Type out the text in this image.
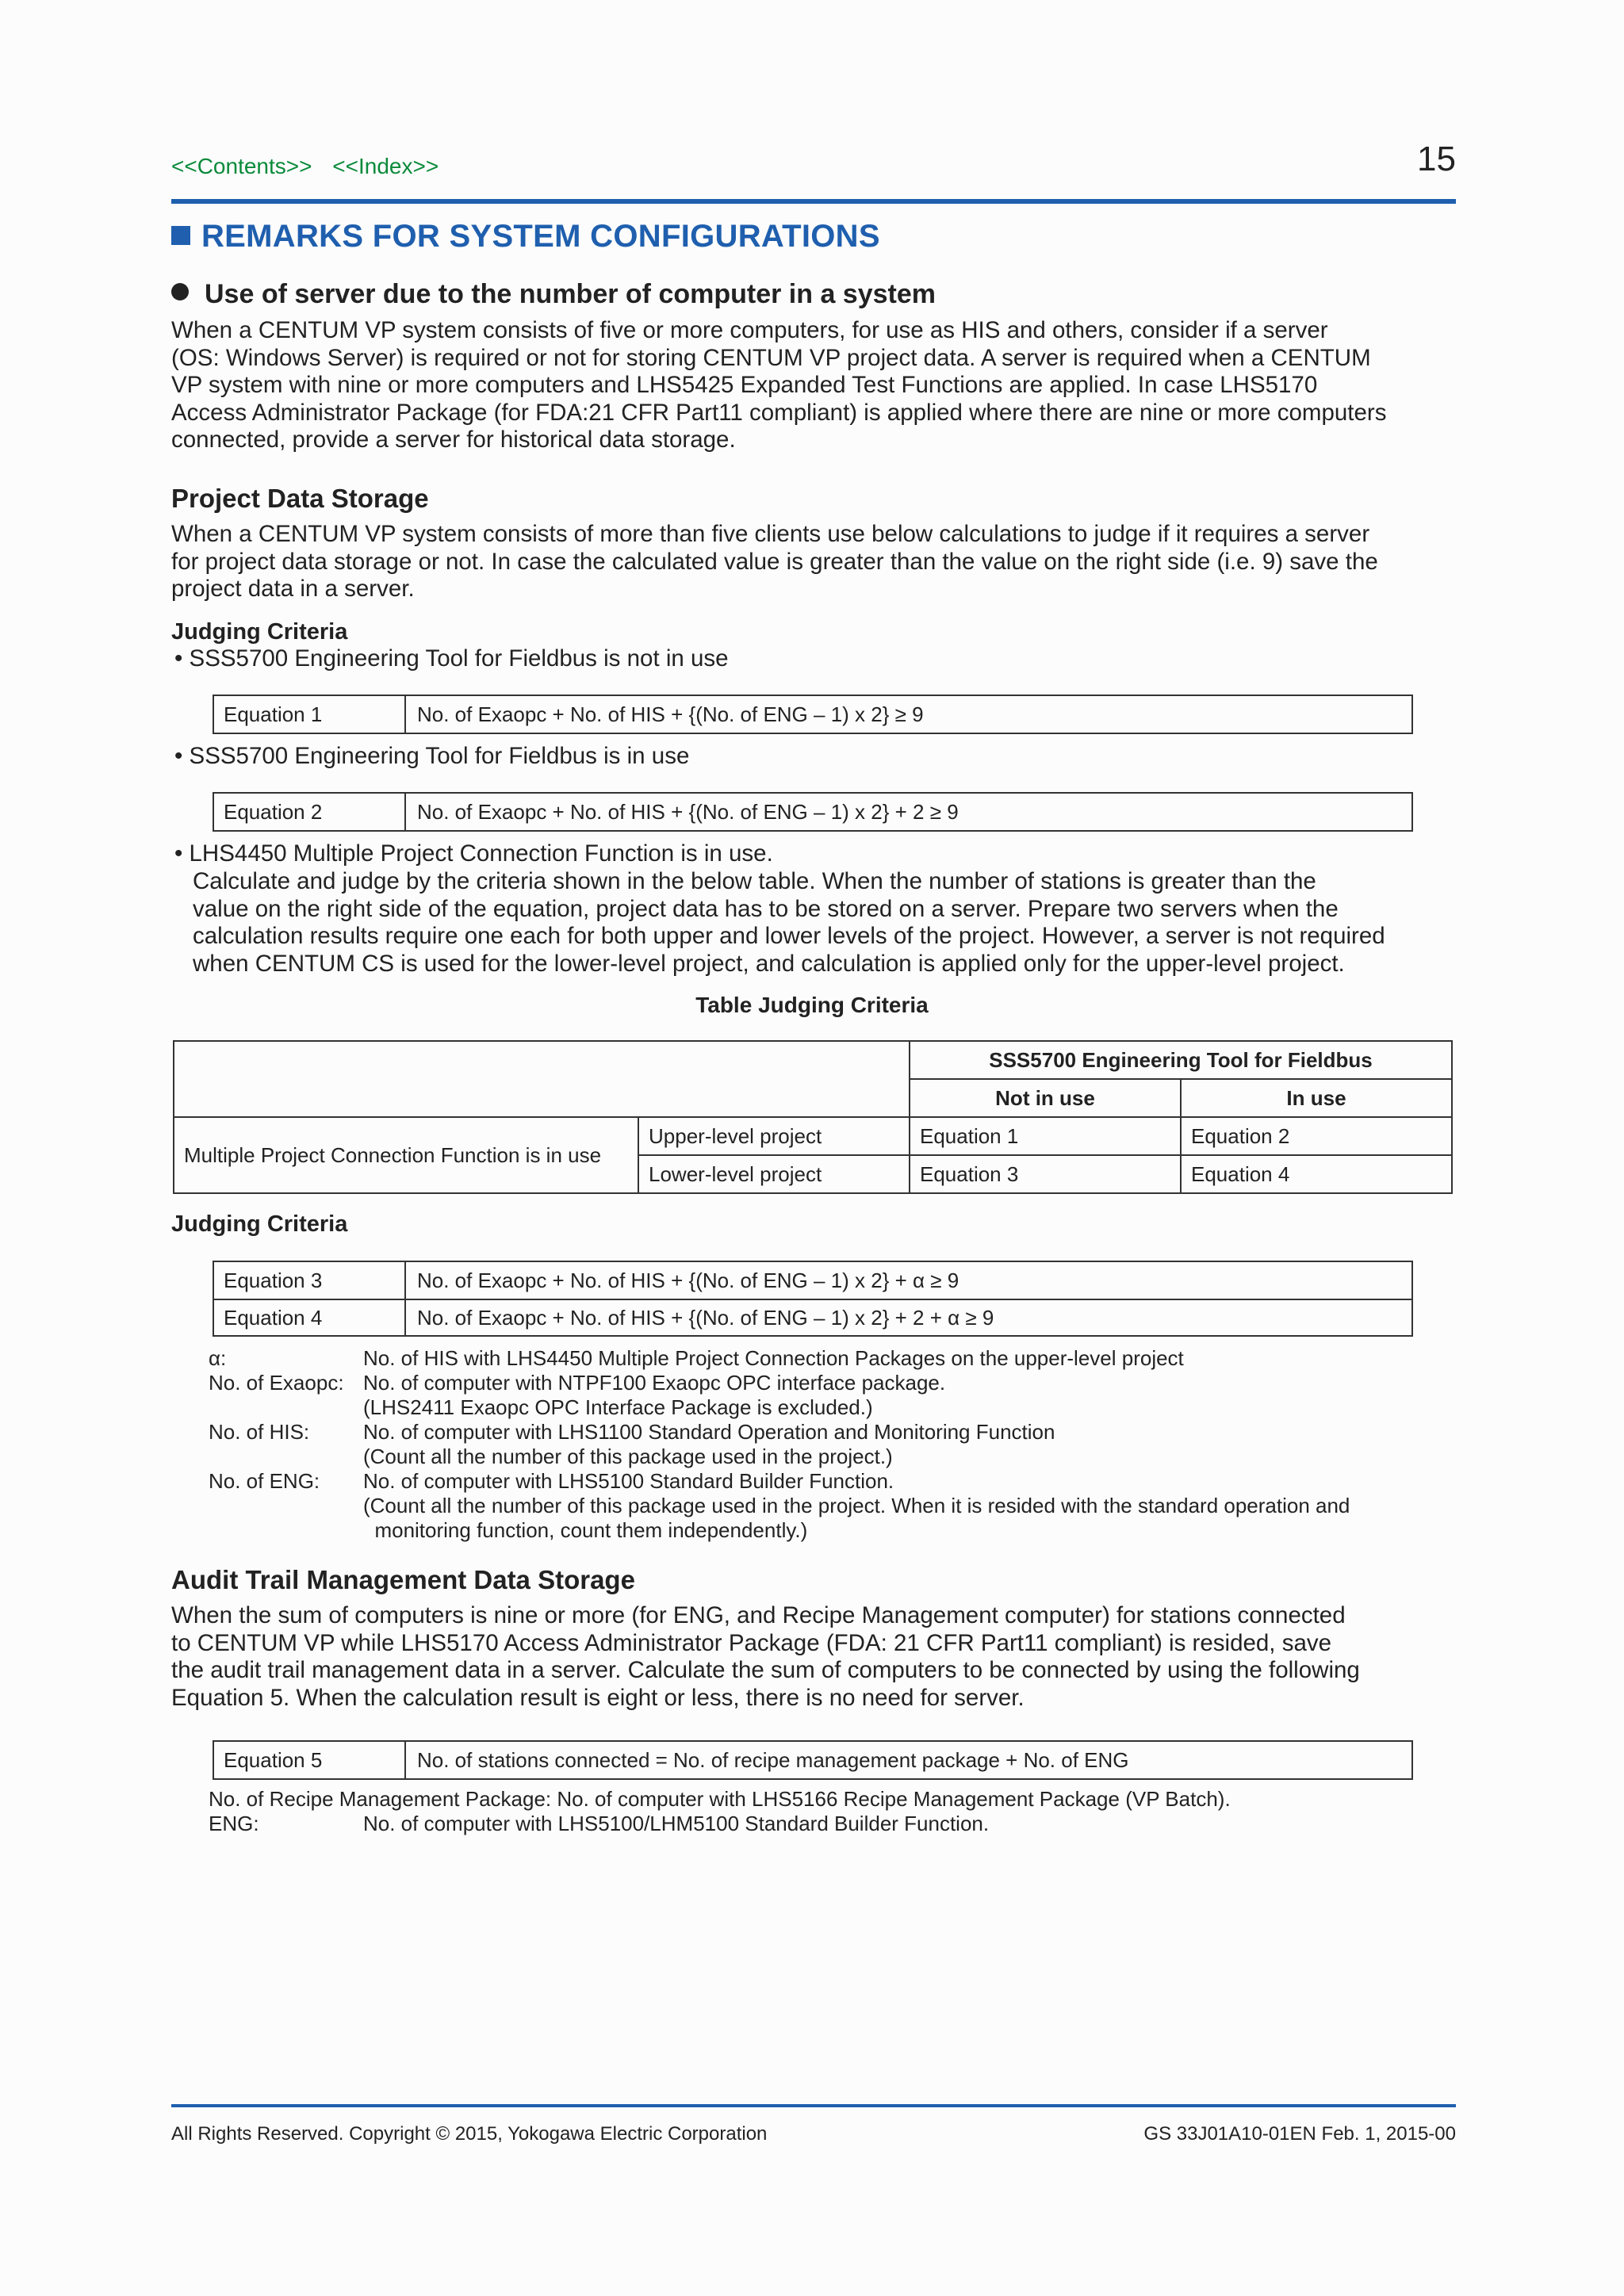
<<Contents>> <<Index>>	15
REMARKS FOR SYSTEM CONFIGURATIONS
Use of server due to the number of computer in a system
When a CENTUM VP system consists of five or more computers, for use as HIS and others, consider if a server
(OS: Windows Server) is required or not for storing CENTUM VP project data. A server is required when a CENTUM
VP system with nine or more computers and LHS5425 Expanded Test Functions are applied. In case LHS5170
Access Administrator Package (for FDA:21 CFR Part11 compliant) is applied where there are nine or more computers
connected, provide a server for historical data storage.
Project Data Storage
When a CENTUM VP system consists of more than five clients use below calculations to judge if it requires a server
for project data storage or not. In case the calculated value is greater than the value on the right side (i.e. 9) save the
project data in a server.
Judging Criteria
• SSS5700 Engineering Tool for Fieldbus is not in use
Equation 1	No. of Exaopc + No. of HIS + {(No. of ENG – 1) x 2} ≥ 9
• SSS5700 Engineering Tool for Fieldbus is in use
Equation 2	No. of Exaopc + No. of HIS + {(No. of ENG – 1) x 2} + 2 ≥ 9
• LHS4450 Multiple Project Connection Function is in use.
Calculate and judge by the criteria shown in the below table. When the number of stations is greater than the
value on the right side of the equation, project data has to be stored on a server. Prepare two servers when the
calculation results require one each for both upper and lower levels of the project. However, a server is not required
when CENTUM CS is used for the lower-level project, and calculation is applied only for the upper-level project.
Table Judging Criteria
		SSS5700 Engineering Tool for Fieldbus	
		Not in use	In use
Multiple Project Connection Function is in use	Upper-level project	Equation 1	Equation 2
	Lower-level project	Equation 3	Equation 4
Judging Criteria
Equation 3	No. of Exaopc + No. of HIS + {(No. of ENG – 1) x 2} + α ≥ 9
Equation 4	No. of Exaopc + No. of HIS + {(No. of ENG – 1) x 2} + 2 + α ≥ 9
α:	No. of HIS with LHS4450 Multiple Project Connection Packages on the upper-level project
No. of Exaopc: No. of computer with NTPF100 Exaopc OPC interface package.
(LHS2411 Exaopc OPC Interface Package is excluded.)
No. of HIS:	No. of computer with LHS1100 Standard Operation and Monitoring Function
(Count all the number of this package used in the project.)
No. of ENG:	No. of computer with LHS5100 Standard Builder Function.
(Count all the number of this package used in the project. When it is resided with the standard operation and
monitoring function, count them independently.)
Audit Trail Management Data Storage
When the sum of computers is nine or more (for ENG, and Recipe Management computer) for stations connected
to CENTUM VP while LHS5170 Access Administrator Package (FDA: 21 CFR Part11 compliant) is resided, save
the audit trail management data in a server. Calculate the sum of computers to be connected by using the following
Equation 5. When the calculation result is eight or less, there is no need for server.
Equation 5	No. of stations connected = No. of recipe management package + No. of ENG
No. of Recipe Management Package: No. of computer with LHS5166 Recipe Management Package (VP Batch).
ENG:	No. of computer with LHS5100/LHM5100 Standard Builder Function.
All Rights Reserved. Copyright © 2015, Yokogawa Electric Corporation	GS 33J01A10-01EN Feb. 1, 2015-00
